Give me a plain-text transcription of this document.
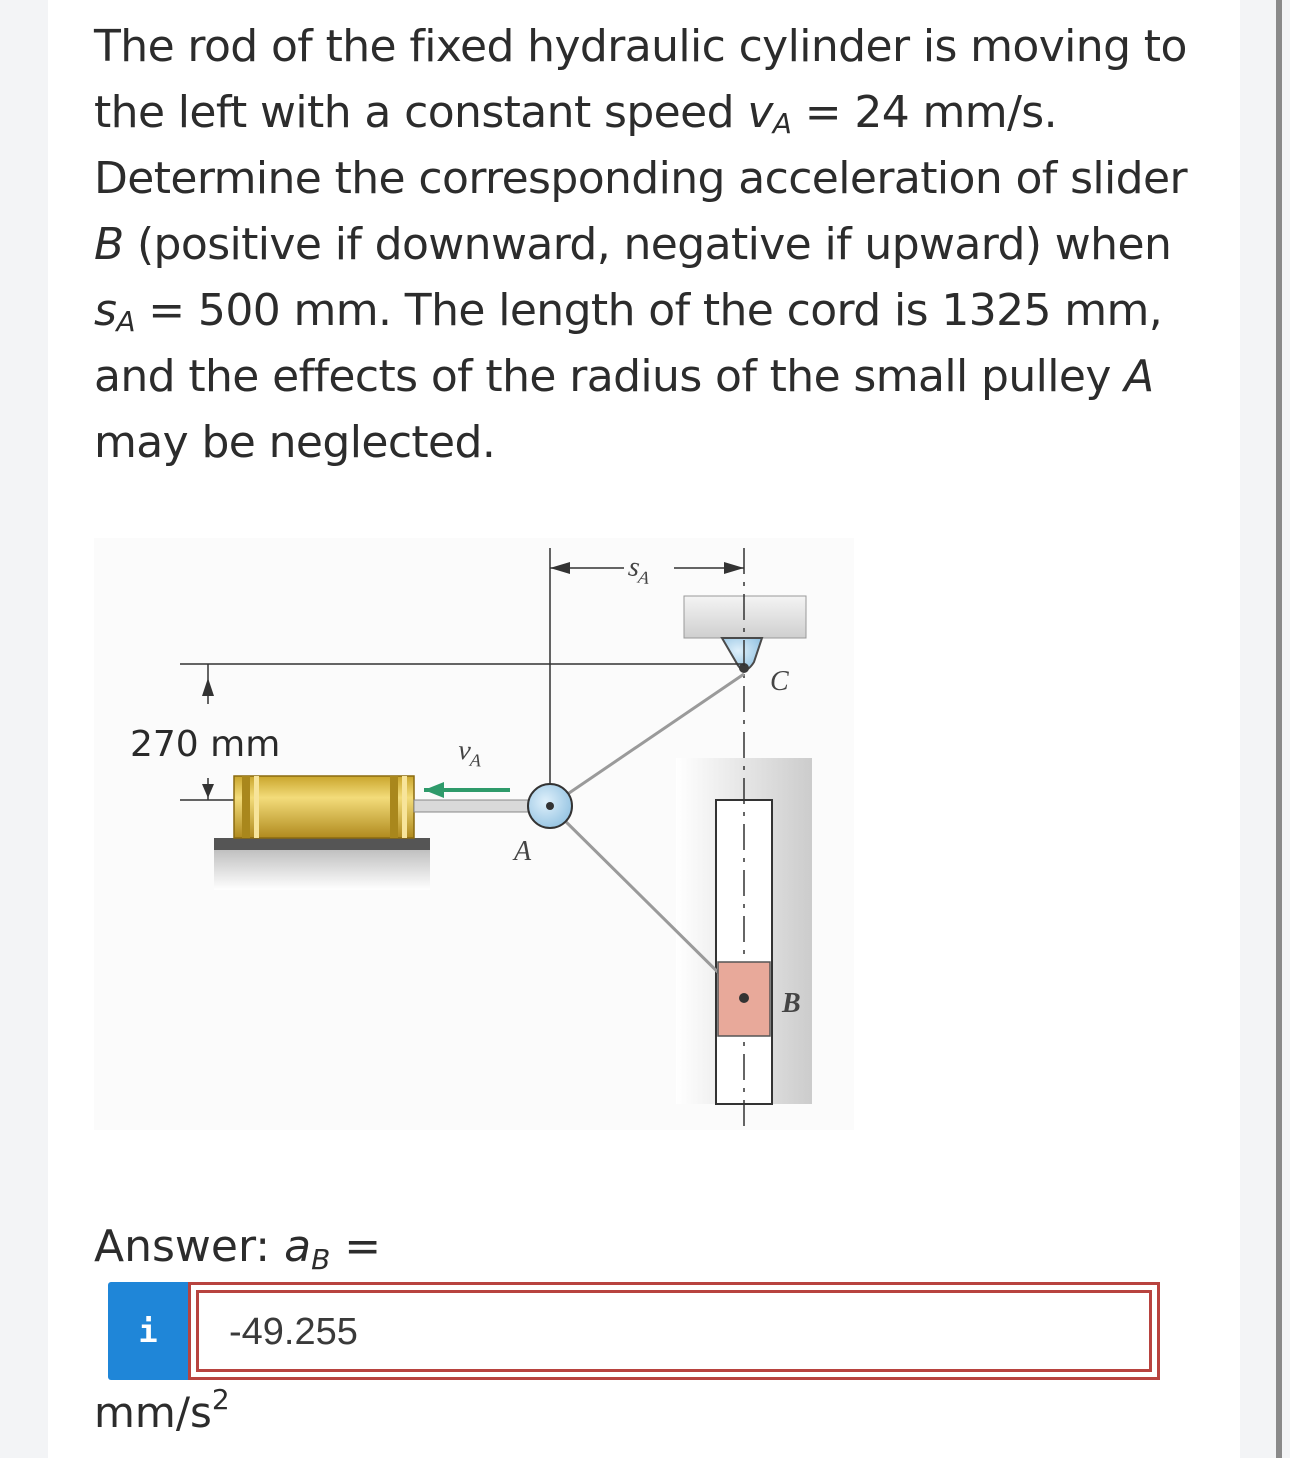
The rod of the fixed hydraulic cylinder is moving to the left with a constant speed $v_A = 24$ mm/s. Determine the corresponding acceleration of slider B (positive if downward, negative if upward) when $s_A = 500$ mm. The length of the cord is 1325 mm, and the effects of the radius of the small pulley A may be neglected.

$s_A$
270 mm	$v_A$
A
C
B
Answer: $a_B$ =
i	-49.255
$mm/s^2$
